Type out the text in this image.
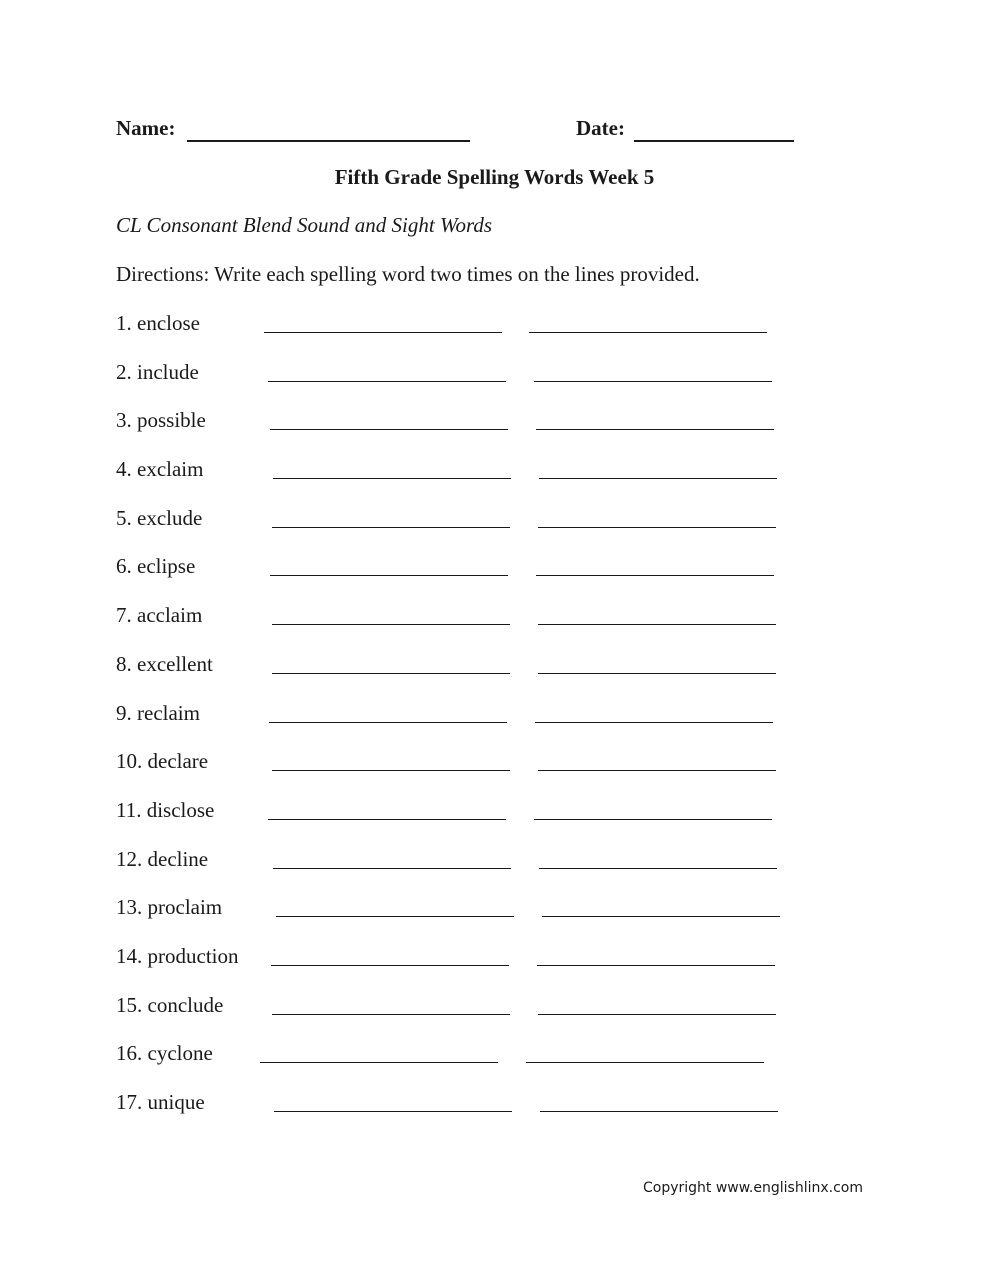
Name:	Date:
Fifth Grade Spelling Words Week 5
CL Consonant Blend Sound and Sight Words
Directions: Write each spelling word two times on the lines provided.
1. enclose
2. include
3. possible
4. exclaim
5. exclude
6. eclipse
7. acclaim
8. excellent
9. reclaim
10. declare
11. disclose
12. decline
13. proclaim
14. production
15. conclude
16. cyclone
17. unique
Copyright www.englishlinx.com
